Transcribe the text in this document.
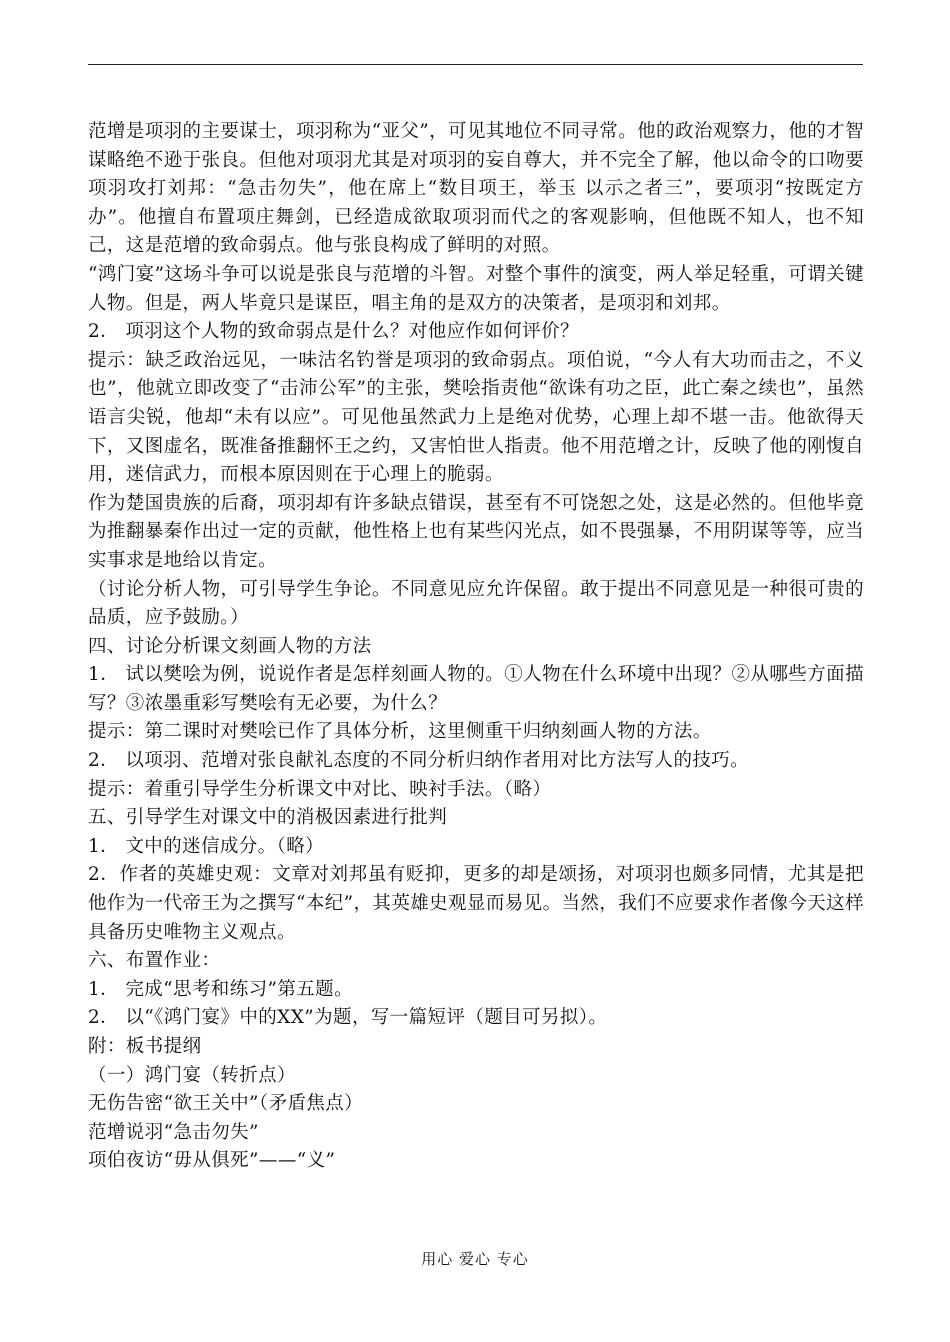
范增是项羽的主要谋士，项羽称为“亚父”，可见其地位不同寻常。他的政治观察力，他的才智谋略绝不逊于张良。但他对项羽尤其是对项羽的妄自尊大，并不完全了解，他以命令的口吻要项羽攻打刘邦：“急击勿失”，他在席上“数目项王，举玉 以示之者三”，要项羽“按既定方办”。他擅自布置项庄舞剑，已经造成欲取项羽而代之的客观影响，但他既不知人，也不知己，这是范增的致命弱点。他与张良构成了鲜明的对照。

“鸿门宴”这场斗争可以说是张良与范增的斗智。对整个事件的演变，两人举足轻重，可谓关键人物。但是，两人毕竟只是谋臣，唱主角的是双方的决策者，是项羽和刘邦。

2． 项羽这个人物的致命弱点是什么？对他应作如何评价？

提示：缺乏政治远见，一味沽名钓誉是项羽的致命弱点。项伯说，“今人有大功而击之，不义也”，他就立即改变了“击沛公军”的主张，樊哙指责他“欲诛有功之臣，此亡秦之续也”，虽然语言尖锐，他却“未有以应”。可见他虽然武力上是绝对优势，心理上却不堪一击。他欲得天下，又图虚名，既准备推翻怀王之约，又害怕世人指责。他不用范增之计，反映了他的刚愎自用，迷信武力，而根本原因则在于心理上的脆弱。

作为楚国贵族的后裔，项羽却有许多缺点错误，甚至有不可饶恕之处，这是必然的。但他毕竟为推翻暴秦作出过一定的贡献，他性格上也有某些闪光点，如不畏强暴，不用阴谋等等，应当实事求是地给以肯定。

（讨论分析人物，可引导学生争论。不同意见应允许保留。敢于提出不同意见是一种很可贵的品质，应予鼓励。）

四、讨论分析课文刻画人物的方法

1． 试以樊哙为例，说说作者是怎样刻画人物的。①人物在什么环境中出现？②从哪些方面描写？③浓墨重彩写樊哙有无必要，为什么？

提示：第二课时对樊哙已作了具体分析，这里侧重干归纳刻画人物的方法。

2． 以项羽、范增对张良献礼态度的不同分析归纳作者用对比方法写人的技巧。

提示：着重引导学生分析课文中对比、映衬手法。（略）

五、引导学生对课文中的消极因素进行批判

1． 文中的迷信成分。（略）

2．作者的英雄史观：文章对刘邦虽有贬抑，更多的却是颂扬，对项羽也颇多同情，尤其是把他作为一代帝王为之撰写“本纪”，其英雄史观显而易见。当然，我们不应要求作者像今天这样具备历史唯物主义观点。

六、布置作业：

1． 完成“思考和练习”第五题。

2． 以“《鸿门宴》中的XX”为题，写一篇短评（题目可另拟）。

附：板书提纲

（一）鸿门宴（转折点）

无伤告密“欲王关中”（矛盾焦点）

范增说羽“急击勿失”

项伯夜访“毋从俱死”——“义”

用心 爱心 专心
